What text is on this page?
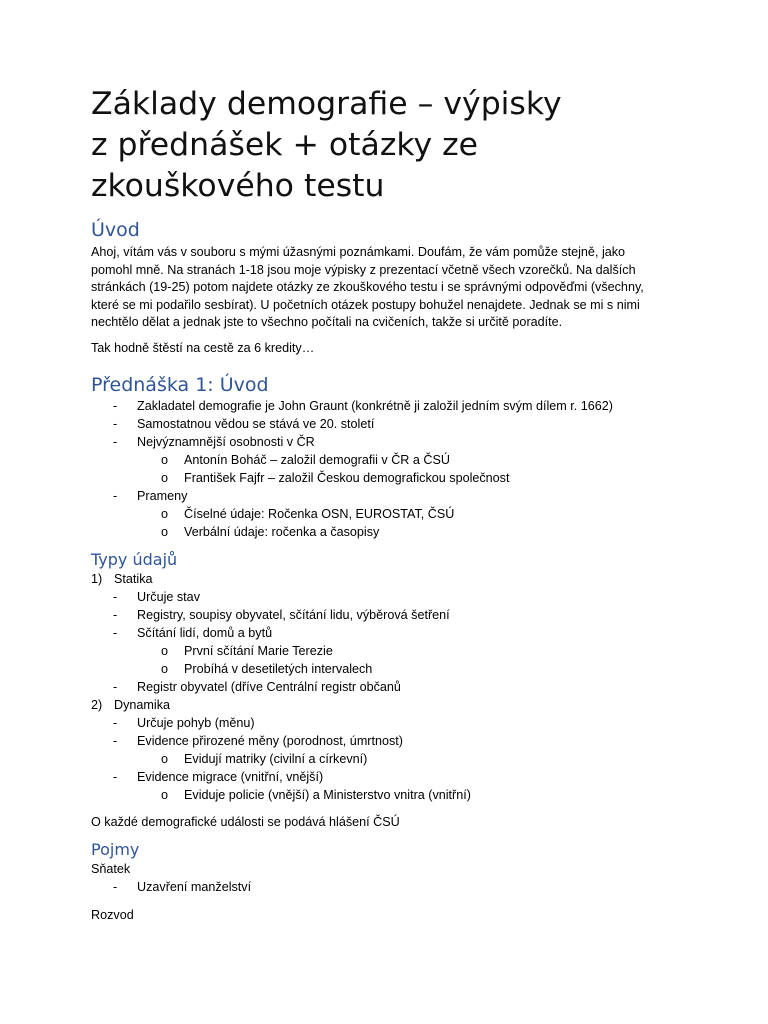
Základy demografie – výpisky
z přednášek + otázky ze
zkouškového testu
Úvod

Ahoj, vítám vás v souboru s mými úžasnými poznámkami. Doufám, že vám pomůže stejně, jako pomohl mně. Na stranách 1-18 jsou moje výpisky z prezentací včetně všech vzorečků. Na dalších stránkách (19-25) potom najdete otázky ze zkouškového testu i se správnými odpověďmi (všechny, které se mi podařilo sesbírat). U početních otázek postupy bohužel nenajdete. Jednak se mi s nimi nechtělo dělat a jednak jste to všechno počítali na cvičeních, takže si určitě poradíte.

Tak hodně štěstí na cestě za 6 kredity…

Přednáška 1: Úvod
- Zakladatel demografie je John Graunt (konkrétně ji založil jedním svým dílem r. 1662)
- Samostatnou vědou se stává ve 20. století
- Nejvýznamnější osobnosti v ČR
o Antonín Boháč – založil demografii v ČR a ČSÚ
o František Fajfr – založil Českou demografickou společnost
- Prameny
o Číselné údaje: Ročenka OSN, EUROSTAT, ČSÚ
o Verbální údaje: ročenka a časopisy
Typy údajů
1) Statika
- Určuje stav
- Registry, soupisy obyvatel, sčítání lidu, výběrová šetření
- Sčítání lidí, domů a bytů
o První sčítání Marie Terezie
o Probíhá v desetiletých intervalech
- Registr obyvatel (dříve Centrální registr občanů
2) Dynamika
- Určuje pohyb (měnu)
- Evidence přirozené měny (porodnost, úmrtnost)
o Evidují matriky (civilní a církevní)
- Evidence migrace (vnitřní, vnější)
o Eviduje policie (vnější) a Ministerstvo vnitra (vnitřní)

O každé demografické události se podává hlášení ČSÚ

Pojmy
Sňatek
- Uzavření manželství
Rozvod
